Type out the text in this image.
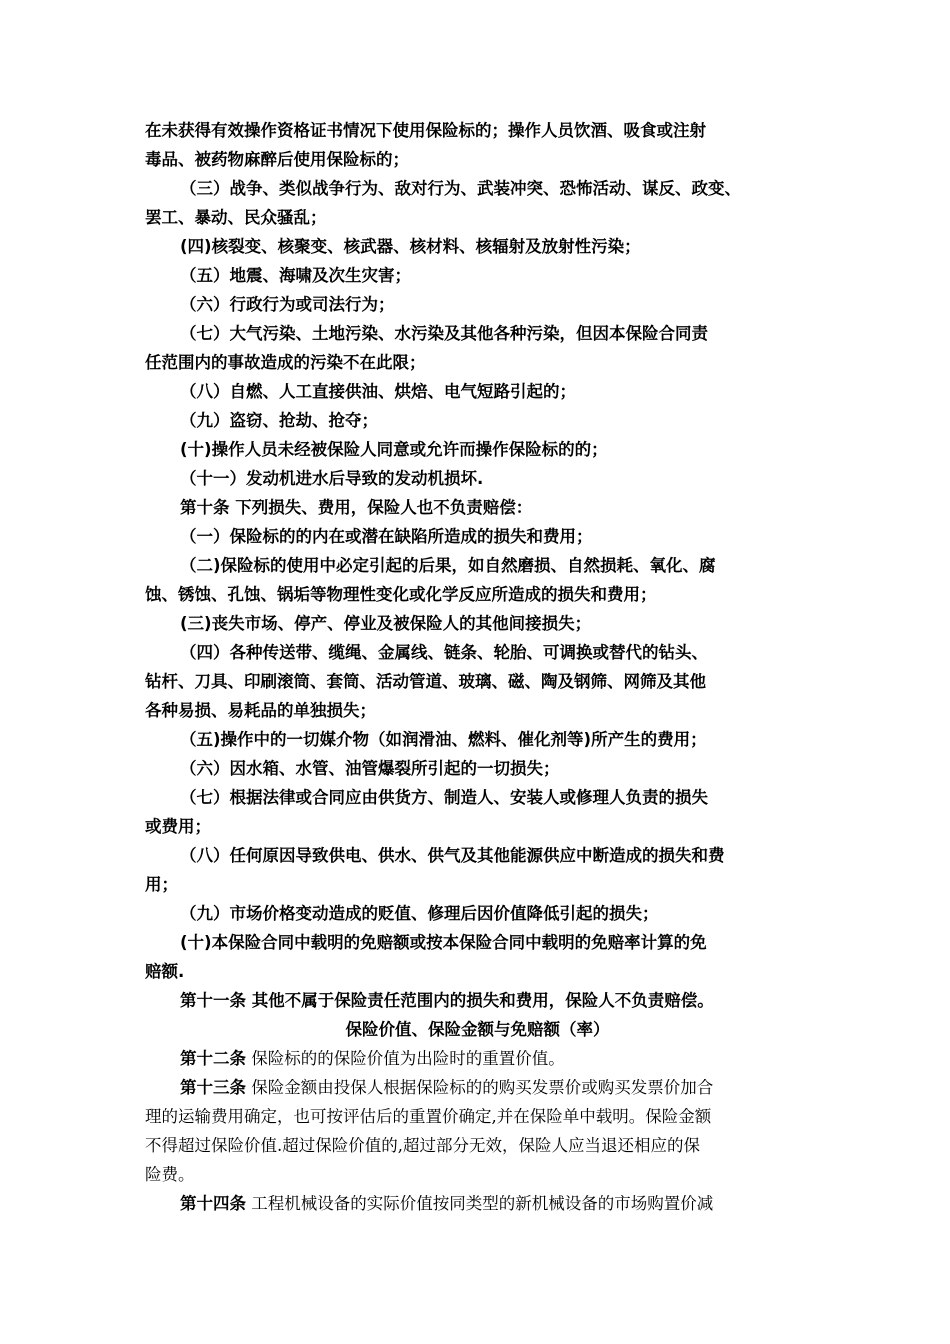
在未获得有效操作资格证书情况下使用保险标的；操作人员饮酒、吸食或注射
毒品、被药物麻醉后使用保险标的；
（三）战争、类似战争行为、敌对行为、武装冲突、恐怖活动、谋反、政变、
罢工、暴动、民众骚乱；
(四)核裂变、核聚变、核武器、核材料、核辐射及放射性污染；
（五）地震、海啸及次生灾害；
（六）行政行为或司法行为；
（七）大气污染、土地污染、水污染及其他各种污染，但因本保险合同责
任范围内的事故造成的污染不在此限；
（八）自燃、人工直接供油、烘焙、电气短路引起的；
（九）盗窃、抢劫、抢夺；
(十)操作人员未经被保险人同意或允许而操作保险标的的；
（十一）发动机进水后导致的发动机损坏.
第十条 下列损失、费用，保险人也不负责赔偿：
（一）保险标的的内在或潜在缺陷所造成的损失和费用；
（二)保险标的使用中必定引起的后果，如自然磨损、自然损耗、氧化、腐
蚀、锈蚀、孔蚀、锅垢等物理性变化或化学反应所造成的损失和费用；
(三)丧失市场、停产、停业及被保险人的其他间接损失；
（四）各种传送带、缆绳、金属线、链条、轮胎、可调换或替代的钻头、
钻杆、刀具、印刷滚筒、套筒、活动管道、玻璃、磁、陶及钢筛、网筛及其他
各种易损、易耗品的单独损失；
（五)操作中的一切媒介物（如润滑油、燃料、催化剂等)所产生的费用；
（六）因水箱、水管、油管爆裂所引起的一切损失；
（七）根据法律或合同应由供货方、制造人、安装人或修理人负责的损失
或费用；
（八）任何原因导致供电、供水、供气及其他能源供应中断造成的损失和费
用；
（九）市场价格变动造成的贬值、修理后因价值降低引起的损失；
(十)本保险合同中载明的免赔额或按本保险合同中载明的免赔率计算的免
赔额.
第十一条 其他不属于保险责任范围内的损失和费用，保险人不负责赔偿。
保险价值、保险金额与免赔额（率）
第十二条 保险标的的保险价值为出险时的重置价值。
第十三条 保险金额由投保人根据保险标的的购买发票价或购买发票价加合
理的运输费用确定，也可按评估后的重置价确定,并在保险单中载明。保险金额
不得超过保险价值.超过保险价值的,超过部分无效，保险人应当退还相应的保
险费。
第十四条 工程机械设备的实际价值按同类型的新机械设备的市场购置价减
